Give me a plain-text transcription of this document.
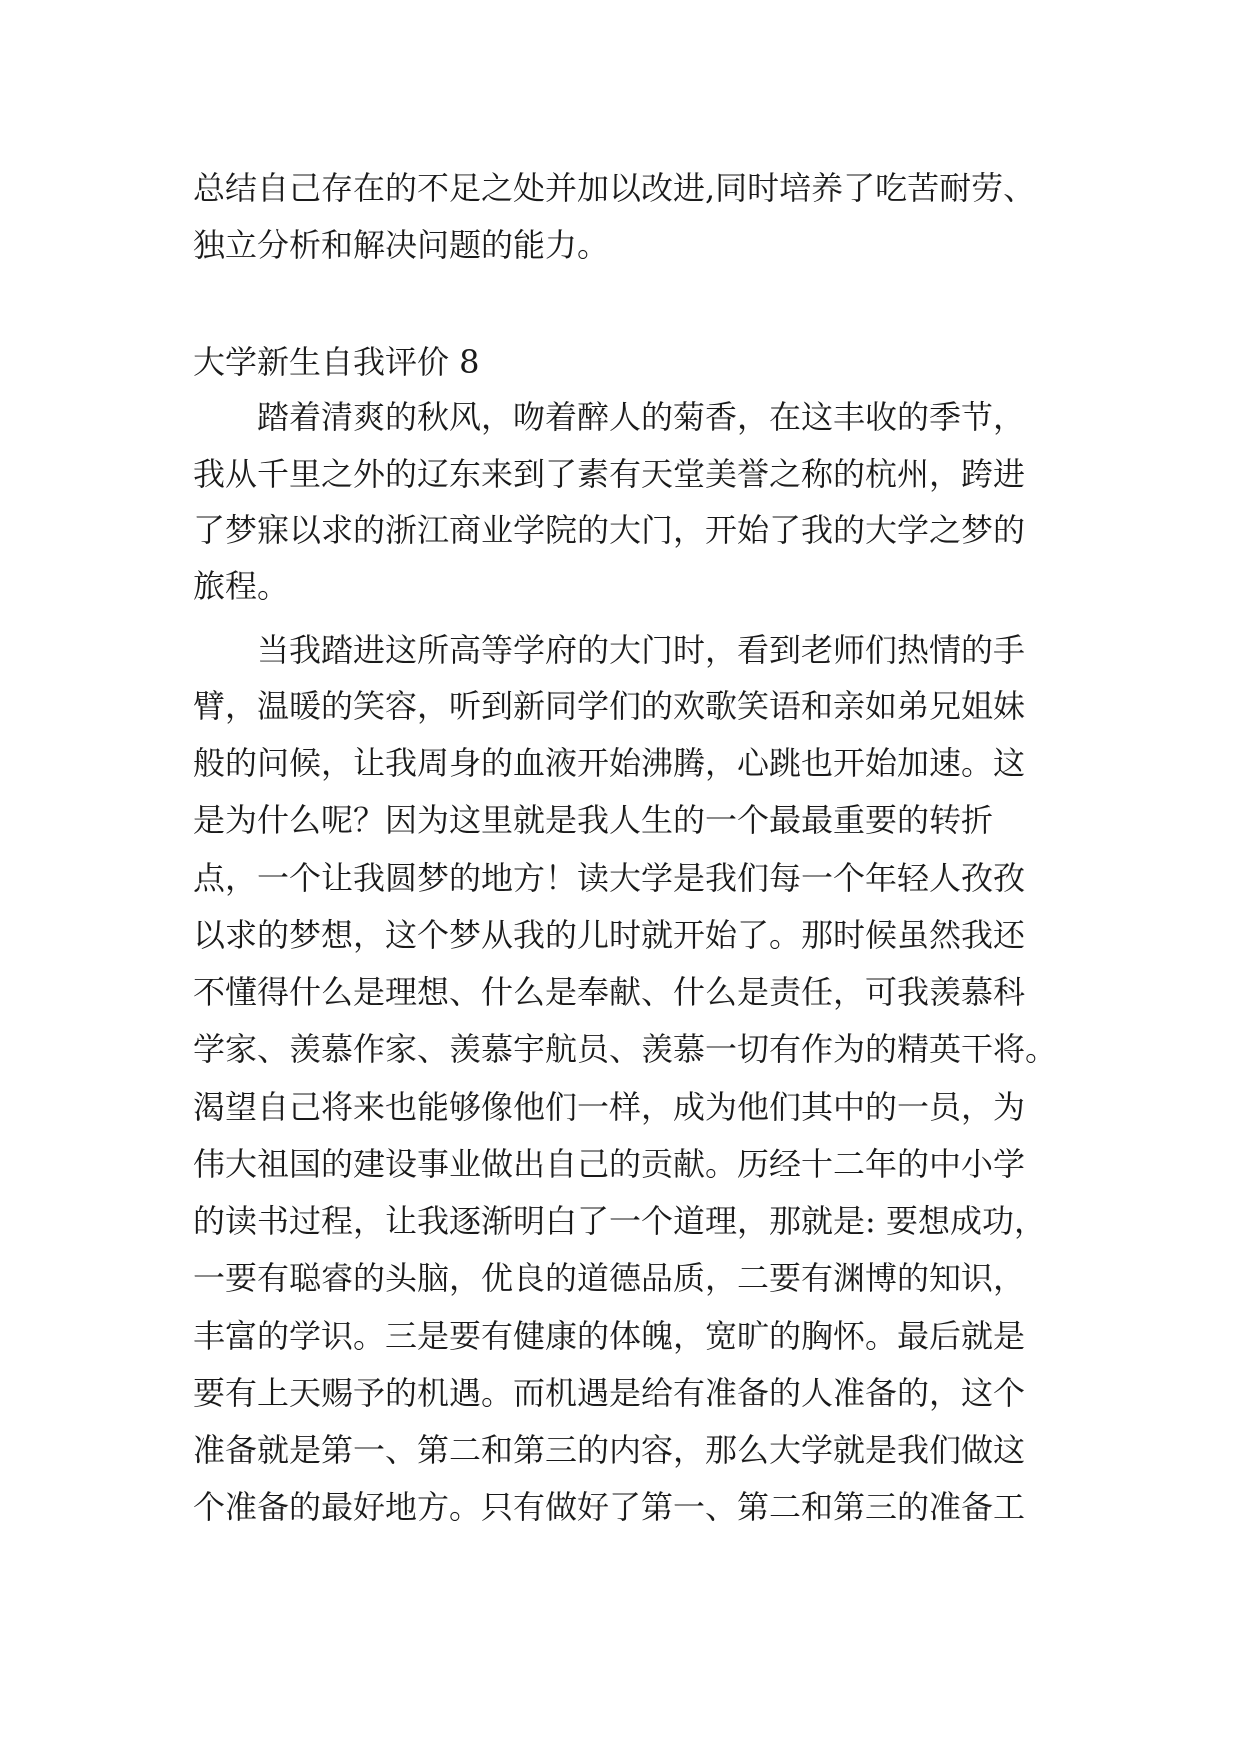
总结自己存在的不足之处并加以改进,同时培养了吃苦耐劳、

独立分析和解决问题的能力。

大学新生自我评价 8

踏着清爽的秋风，吻着醉人的菊香，在这丰收的季节，

我从千里之外的辽东来到了素有天堂美誉之称的杭州，跨进

了梦寐以求的浙江商业学院的大门，开始了我的大学之梦的

旅程。

当我踏进这所高等学府的大门时，看到老师们热情的手

臂，温暖的笑容，听到新同学们的欢歌笑语和亲如弟兄姐妹

般的问候，让我周身的血液开始沸腾，心跳也开始加速。这

是为什么呢？因为这里就是我人生的一个最最重要的转折

点，一个让我圆梦的地方！读大学是我们每一个年轻人孜孜

以求的梦想，这个梦从我的儿时就开始了。那时候虽然我还

不懂得什么是理想、什么是奉献、什么是责任，可我羡慕科

学家、羡慕作家、羡慕宇航员、羡慕一切有作为的精英干将。

渴望自己将来也能够像他们一样，成为他们其中的一员，为

伟大祖国的建设事业做出自己的贡献。历经十二年的中小学

的读书过程，让我逐渐明白了一个道理，那就是: 要想成功，

一要有聪睿的头脑，优良的道德品质，二要有渊博的知识，

丰富的学识。三是要有健康的体魄，宽旷的胸怀。最后就是

要有上天赐予的机遇。而机遇是给有准备的人准备的，这个

准备就是第一、第二和第三的内容，那么大学就是我们做这

个准备的最好地方。只有做好了第一、第二和第三的准备工
